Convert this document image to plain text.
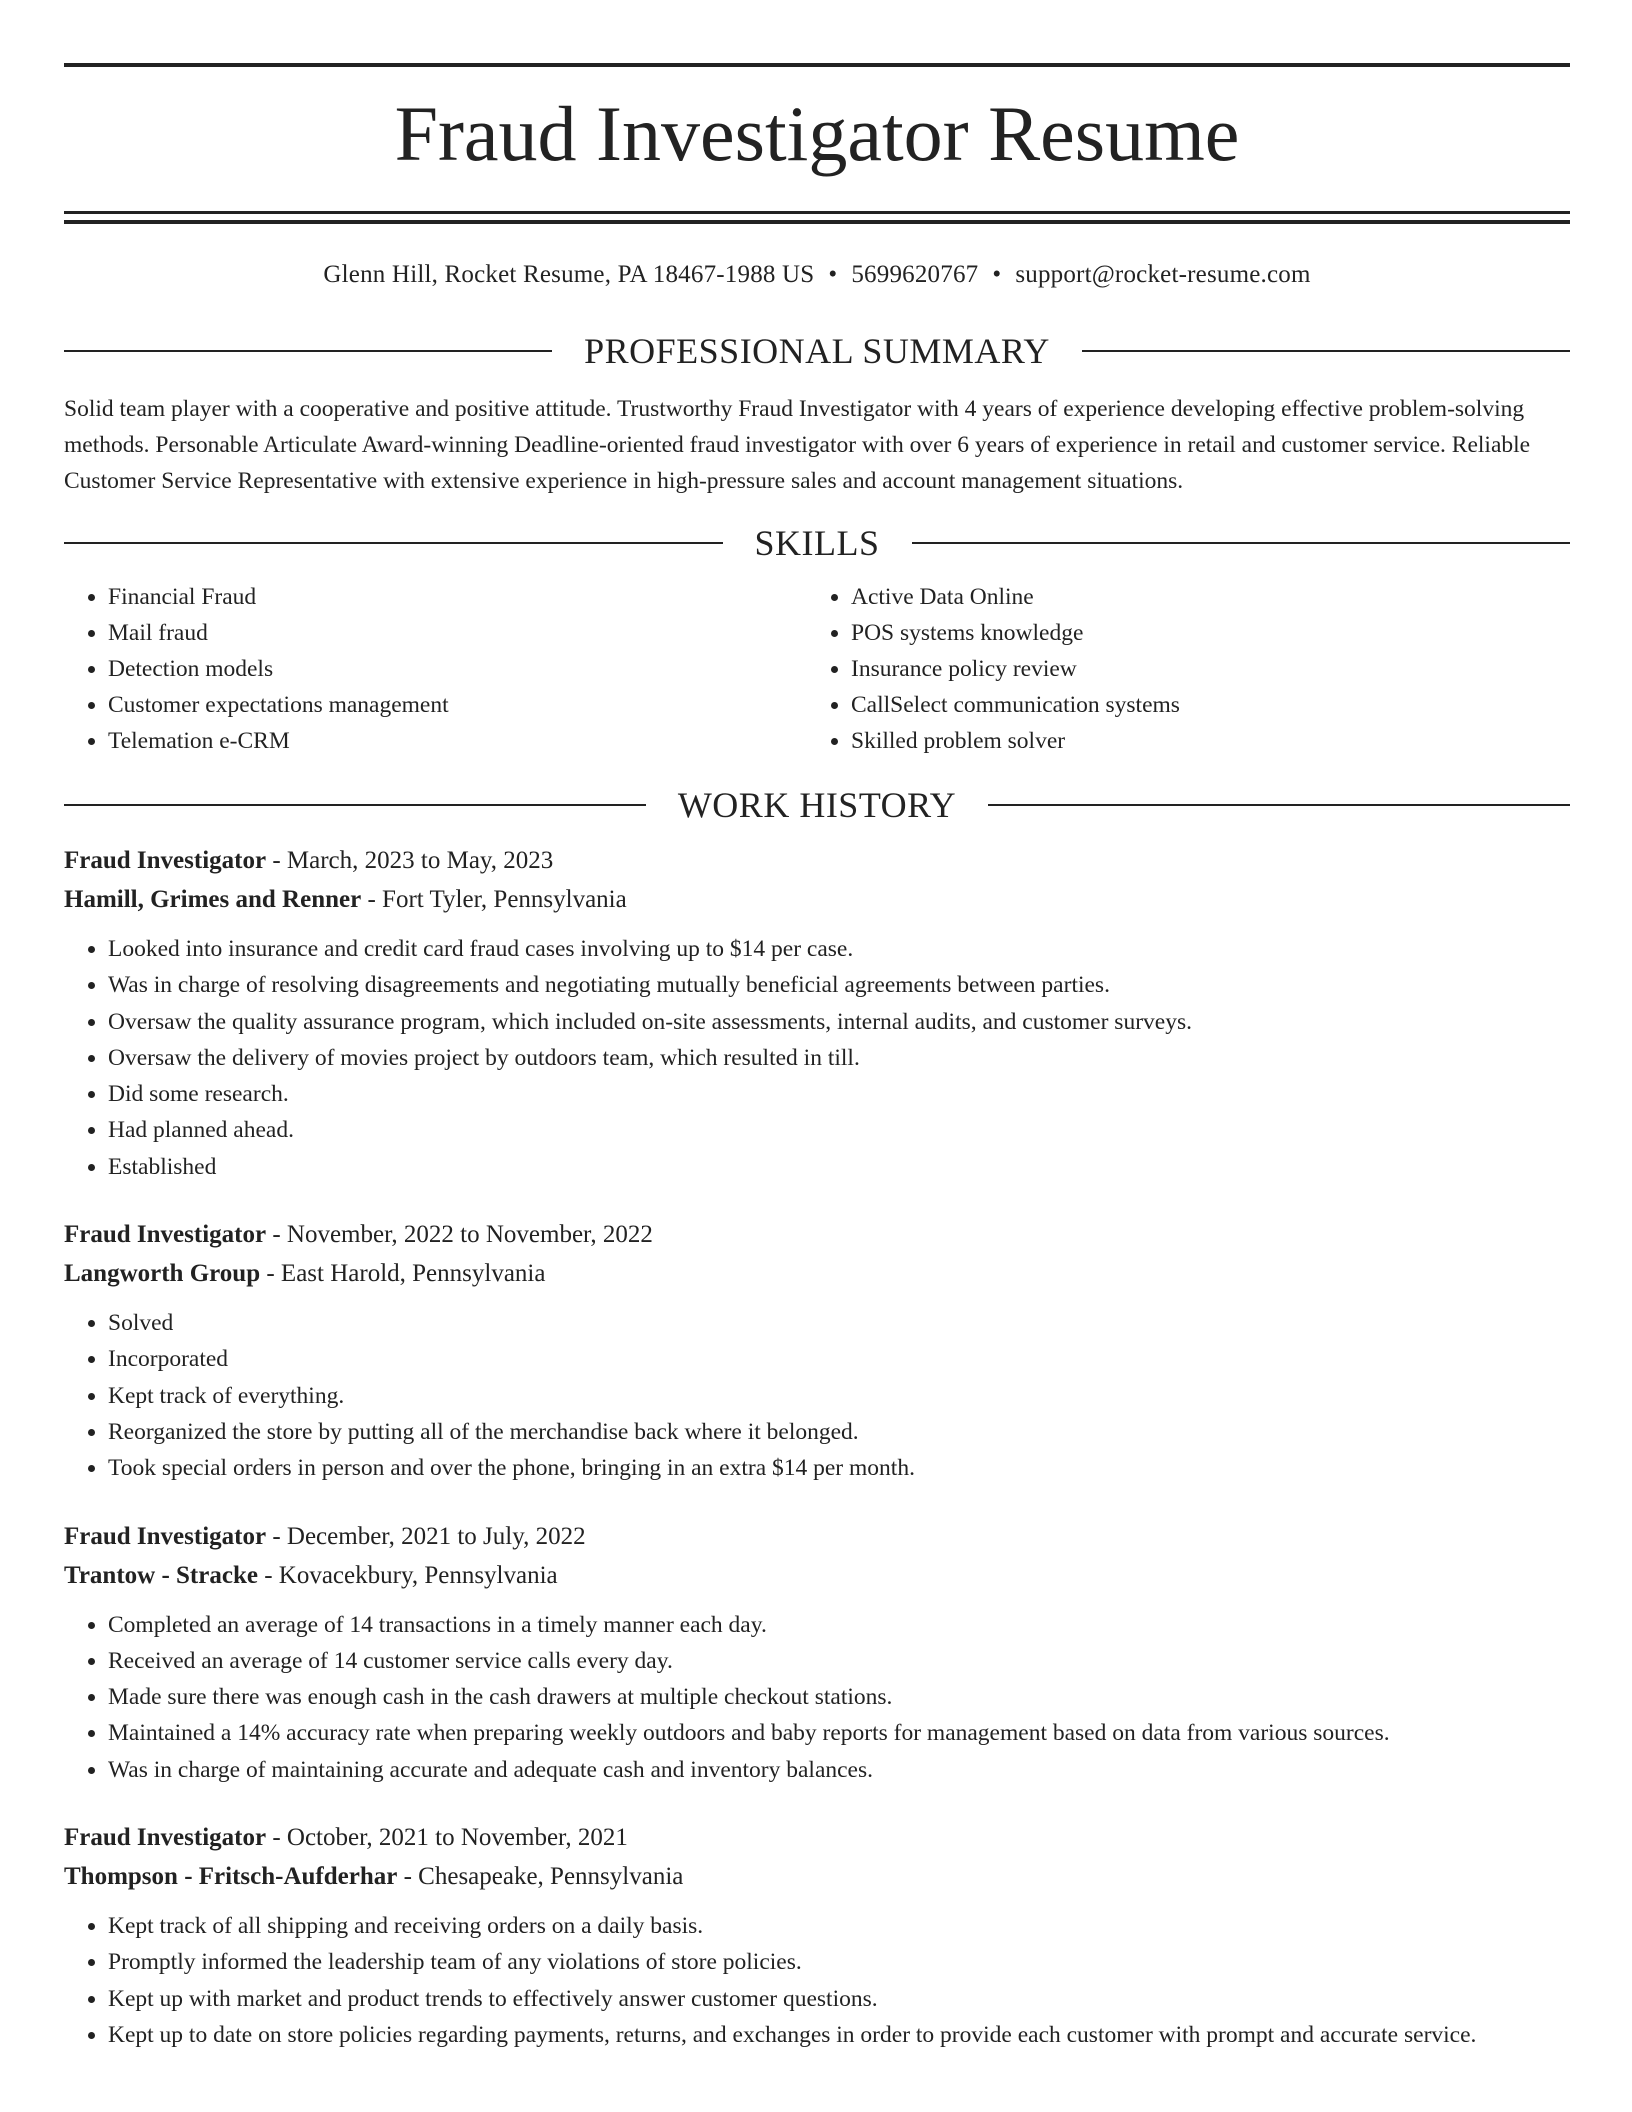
Fraud Investigator Resume
Glenn Hill, Rocket Resume, PA 18467-1988 US • 5699620767 • support@rocket-resume.com
PROFESSIONAL SUMMARY
Solid team player with a cooperative and positive attitude. Trustworthy Fraud Investigator with 4 years of experience developing effective problem-solving methods. Personable Articulate Award-winning Deadline-oriented fraud investigator with over 6 years of experience in retail and customer service. Reliable Customer Service Representative with extensive experience in high-pressure sales and account management situations.
SKILLS
• Financial Fraud
• Mail fraud
• Detection models
• Customer expectations management
• Telemation e-CRM
• Active Data Online
• POS systems knowledge
• Insurance policy review
• CallSelect communication systems
• Skilled problem solver
WORK HISTORY
Fraud Investigator - March, 2023 to May, 2023
Hamill, Grimes and Renner - Fort Tyler, Pennsylvania
• Looked into insurance and credit card fraud cases involving up to $14 per case.
• Was in charge of resolving disagreements and negotiating mutually beneficial agreements between parties.
• Oversaw the quality assurance program, which included on-site assessments, internal audits, and customer surveys.
• Oversaw the delivery of movies project by outdoors team, which resulted in till.
• Did some research.
• Had planned ahead.
• Established
Fraud Investigator - November, 2022 to November, 2022
Langworth Group - East Harold, Pennsylvania
• Solved
• Incorporated
• Kept track of everything.
• Reorganized the store by putting all of the merchandise back where it belonged.
• Took special orders in person and over the phone, bringing in an extra $14 per month.
Fraud Investigator - December, 2021 to July, 2022
Trantow - Stracke - Kovacekbury, Pennsylvania
• Completed an average of 14 transactions in a timely manner each day.
• Received an average of 14 customer service calls every day.
• Made sure there was enough cash in the cash drawers at multiple checkout stations.
• Maintained a 14% accuracy rate when preparing weekly outdoors and baby reports for management based on data from various sources.
• Was in charge of maintaining accurate and adequate cash and inventory balances.
Fraud Investigator - October, 2021 to November, 2021
Thompson - Fritsch-Aufderhar - Chesapeake, Pennsylvania
• Kept track of all shipping and receiving orders on a daily basis.
• Promptly informed the leadership team of any violations of store policies.
• Kept up with market and product trends to effectively answer customer questions.
• Kept up to date on store policies regarding payments, returns, and exchanges in order to provide each customer with prompt and accurate service.
